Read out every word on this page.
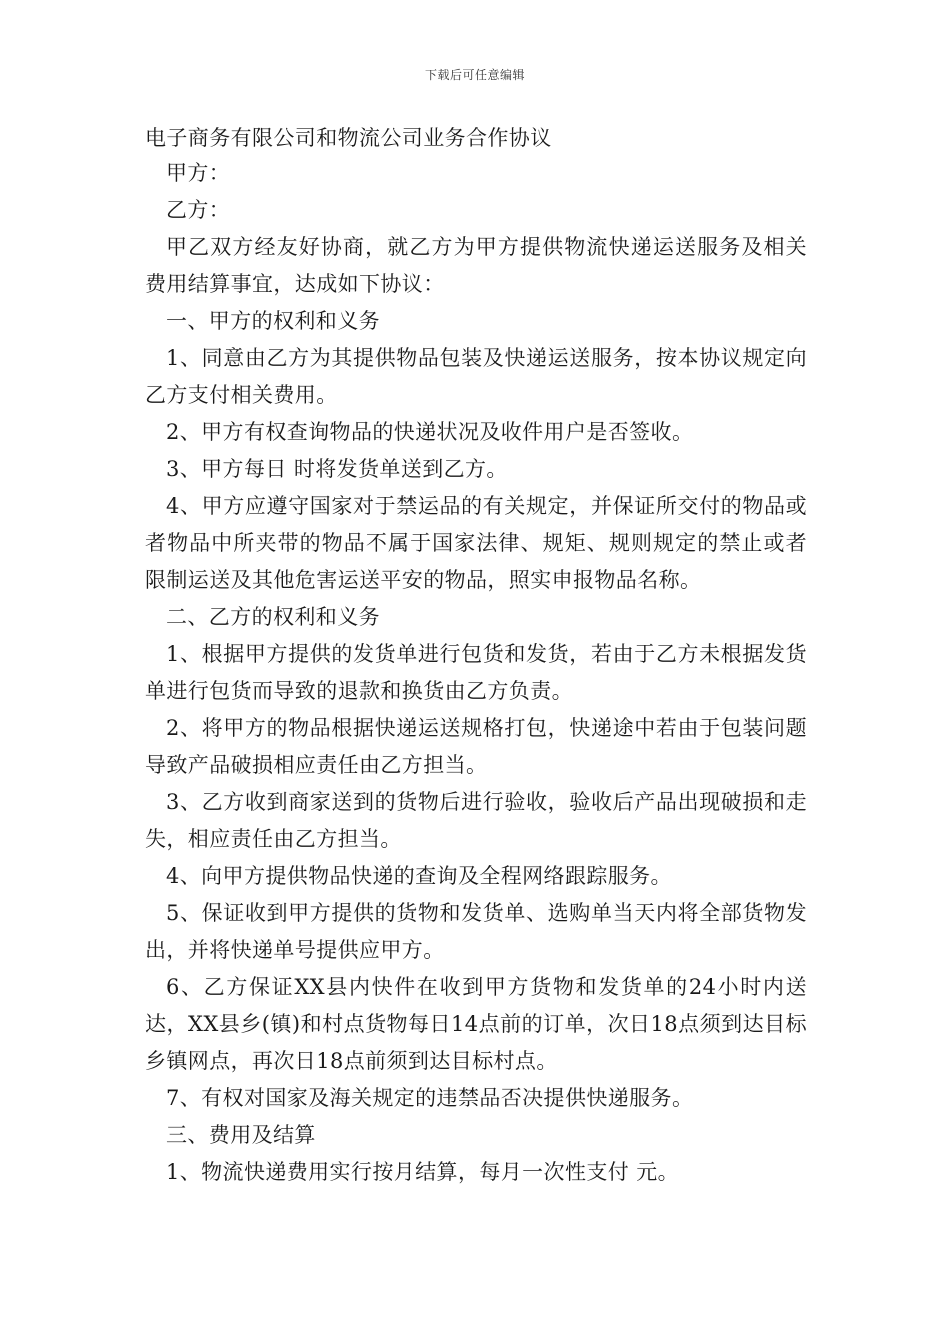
下载后可任意编辑

电子商务有限公司和物流公司业务合作协议

甲方：

乙方：

甲乙双方经友好协商，就乙方为甲方提供物流快递运送服务及相关费用结算事宜，达成如下协议：

一、甲方的权利和义务

1、同意由乙方为其提供物品包装及快递运送服务，按本协议规定向乙方支付相关费用。

2、甲方有权查询物品的快递状况及收件用户是否签收。

3、甲方每日 时将发货单送到乙方。

4、甲方应遵守国家对于禁运品的有关规定，并保证所交付的物品或者物品中所夹带的物品不属于国家法律、规矩、规则规定的禁止或者限制运送及其他危害运送平安的物品，照实申报物品名称。

二、乙方的权利和义务

1、根据甲方提供的发货单进行包货和发货，若由于乙方未根据发货单进行包货而导致的退款和换货由乙方负责。

2、将甲方的物品根据快递运送规格打包，快递途中若由于包装问题导致产品破损相应责任由乙方担当。

3、乙方收到商家送到的货物后进行验收，验收后产品出现破损和走失，相应责任由乙方担当。

4、向甲方提供物品快递的查询及全程网络跟踪服务。

5、保证收到甲方提供的货物和发货单、选购单当天内将全部货物发出，并将快递单号提供应甲方。

6、乙方保证XX县内快件在收到甲方货物和发货单的24小时内送达，XX县乡(镇)和村点货物每日14点前的订单，次日18点须到达目标乡镇网点，再次日18点前须到达目标村点。

7、有权对国家及海关规定的违禁品否决提供快递服务。

三、费用及结算

1、物流快递费用实行按月结算，每月一次性支付 元。
